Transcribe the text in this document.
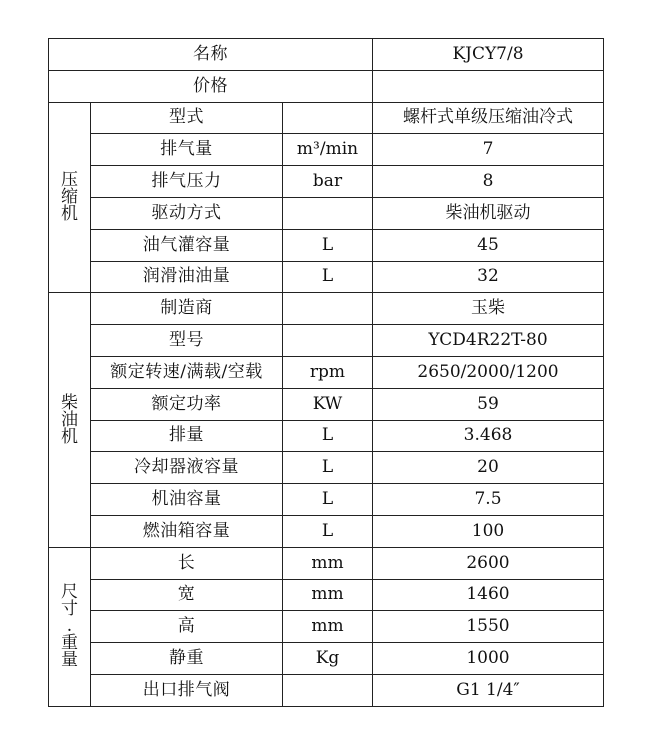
名称			KJCY7/8
价格			

压
缩
机	型式		螺杆式单级压缩油冷式
	排气量	m³/min	7
	排气压力	bar	8
	驱动方式		柴油机驱动
	油气灌容量	L	45
	润滑油油量	L	32

柴
油
机	制造商		玉柴
	型号		YCD4R22T-80
	额定转速/满载/空载	rpm	2650/2000/1200
	额定功率	KW	59
	排量	L	3.468
	冷却器液容量	L	20
	机油容量	L	7.5
	燃油箱容量	L	100

尺
寸
.
重
量	长	mm	2600
	宽	mm	1460
	高	mm	1550
	静重	Kg	1000
	出口排气阀		G1 1/4″
